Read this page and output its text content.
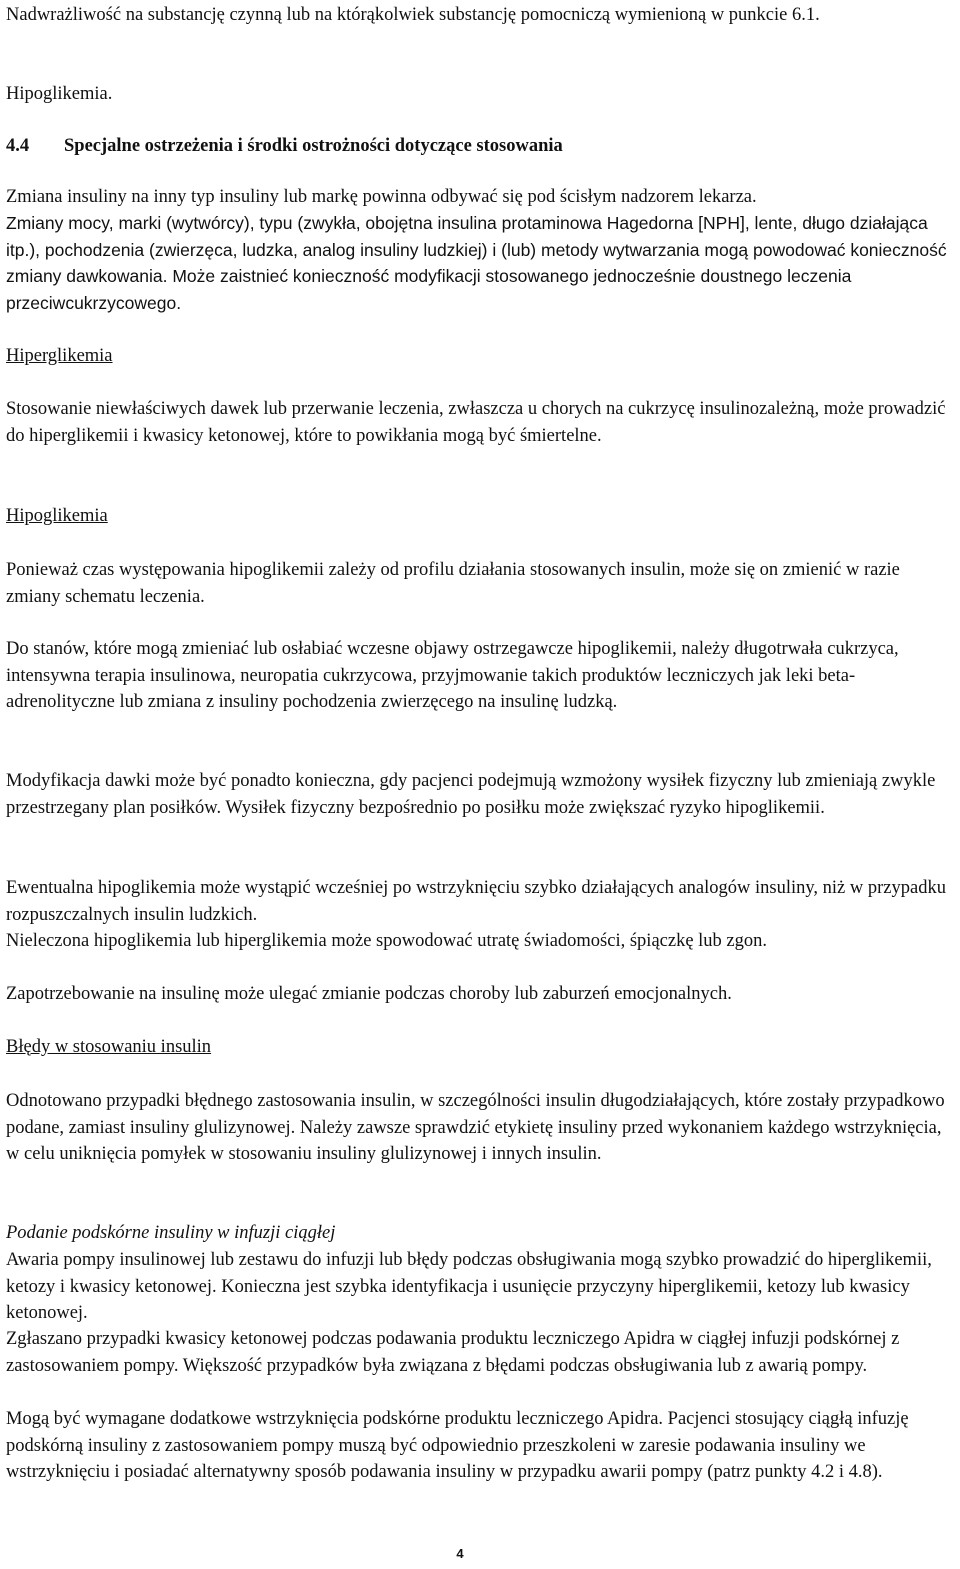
Nadwrażliwość na substancję czynną lub na którąkolwiek substancję pomocniczą wymienioną w punkcie 6.1.

Hipoglikemia.

4.4 Specjalne ostrzeżenia i środki ostrożności dotyczące stosowania

Zmiana insuliny na inny typ insuliny lub markę powinna odbywać się pod ścisłym nadzorem lekarza.

Zmiany mocy, marki (wytwórcy), typu (zwykła, obojętna insulina protaminowa Hagedorna [NPH], lente, długo działająca itp.), pochodzenia (zwierzęca, ludzka, analog insuliny ludzkiej) i (lub) metody wytwarzania mogą powodować konieczność zmiany dawkowania. Może zaistnieć konieczność modyfikacji stosowanego jednocześnie doustnego leczenia przeciwcukrzycowego.

Hiperglikemia

Stosowanie niewłaściwych dawek lub przerwanie leczenia, zwłaszcza u chorych na cukrzycę insulinozależną, może prowadzić do hiperglikemii i kwasicy ketonowej, które to powikłania mogą być śmiertelne.

Hipoglikemia

Ponieważ czas występowania hipoglikemii zależy od profilu działania stosowanych insulin, może się on zmienić w razie zmiany schematu leczenia.

Do stanów, które mogą zmieniać lub osłabiać wczesne objawy ostrzegawcze hipoglikemii, należy długotrwała cukrzyca, intensywna terapia insulinowa, neuropatia cukrzycowa, przyjmowanie takich produktów leczniczych jak leki beta-adrenolityczne lub zmiana z insuliny pochodzenia zwierzęcego na insulinę ludzką.

Modyfikacja dawki może być ponadto konieczna, gdy pacjenci podejmują wzmożony wysiłek fizyczny lub zmieniają zwykle przestrzegany plan posiłków. Wysiłek fizyczny bezpośrednio po posiłku może zwiększać ryzyko hipoglikemii.

Ewentualna hipoglikemia może wystąpić wcześniej po wstrzyknięciu szybko działających analogów insuliny, niż w przypadku rozpuszczalnych insulin ludzkich.

Nieleczona hipoglikemia lub hiperglikemia może spowodować utratę świadomości, śpiączkę lub zgon.

Zapotrzebowanie na insulinę może ulegać zmianie podczas choroby lub zaburzeń emocjonalnych.

Błędy w stosowaniu insulin

Odnotowano przypadki błędnego zastosowania insulin, w szczególności insulin długodziałających, które zostały przypadkowo podane, zamiast insuliny glulizynowej. Należy zawsze sprawdzić etykietę insuliny przed wykonaniem każdego wstrzyknięcia, w celu uniknięcia pomyłek w stosowaniu insuliny glulizynowej i innych insulin.

Podanie podskórne insuliny w infuzji ciągłej

Awaria pompy insulinowej lub zestawu do infuzji lub błędy podczas obsługiwania mogą szybko prowadzić do hiperglikemii, ketozy i kwasicy ketonowej. Konieczna jest szybka identyfikacja i usunięcie przyczyny hiperglikemii, ketozy lub kwasicy ketonowej.

Zgłaszano przypadki kwasicy ketonowej podczas podawania produktu leczniczego Apidra w ciągłej infuzji podskórnej z zastosowaniem pompy. Większość przypadków była związana z błędami podczas obsługiwania lub z awarią pompy.

Mogą być wymagane dodatkowe wstrzyknięcia podskórne produktu leczniczego Apidra. Pacjenci stosujący ciągłą infuzję podskórną insuliny z zastosowaniem pompy muszą być odpowiednio przeszkoleni w zaresie podawania insuliny we wstrzyknięciu i posiadać alternatywny sposób podawania insuliny w przypadku awarii pompy (patrz punkty 4.2 i 4.8).

4
